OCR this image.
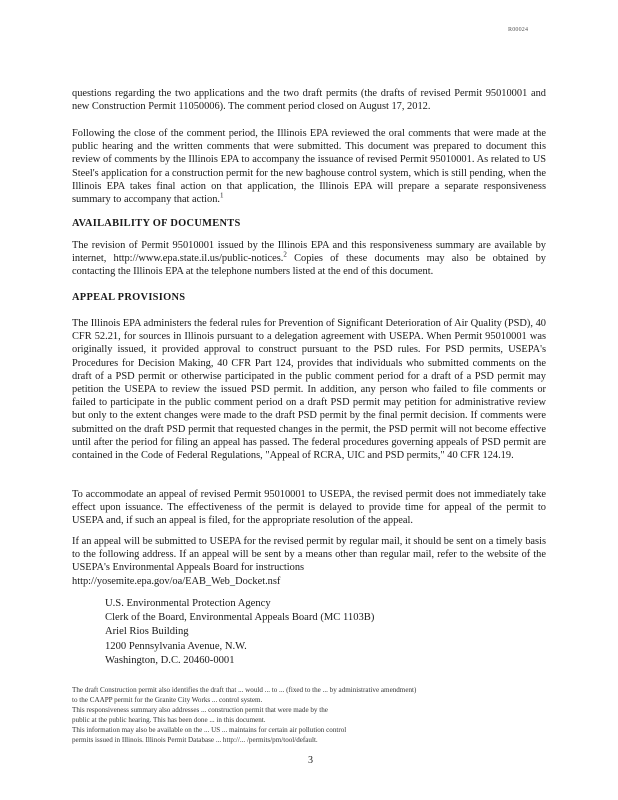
R00024

questions regarding the two applications and the two draft permits (the drafts of revised Permit 95010001 and new Construction Permit 11050006). The comment period closed on August 17, 2012.

Following the close of the comment period, the Illinois EPA reviewed the oral comments that were made at the public hearing and the written comments that were submitted. This document was prepared to document this review of comments by the Illinois EPA to accompany the issuance of revised Permit 95010001. As related to US Steel's application for a construction permit for the new baghouse control system, which is still pending, when the Illinois EPA takes final action on that application, the Illinois EPA will prepare a separate responsiveness summary to accompany that action.$^1$

AVAILABILITY OF DOCUMENTS

The revision of Permit 95010001 issued by the Illinois EPA and this responsiveness summary are available by internet, http://www.epa.state.il.us/public-notices.$^2$ Copies of these documents may also be obtained by contacting the Illinois EPA at the telephone numbers listed at the end of this document.

APPEAL PROVISIONS

The Illinois EPA administers the federal rules for Prevention of Significant Deterioration of Air Quality (PSD), 40 CFR 52.21, for sources in Illinois pursuant to a delegation agreement with USEPA. When Permit 95010001 was originally issued, it provided approval to construct pursuant to the PSD rules. For PSD permits, USEPA's Procedures for Decision Making, 40 CFR Part 124, provides that individuals who submitted comments on the draft of a PSD permit or otherwise participated in the public comment period for a draft of a PSD permit may petition the USEPA to review the issued PSD permit. In addition, any person who failed to file comments or failed to participate in the public comment period on a draft PSD permit may petition for administrative review but only to the extent changes were made to the draft PSD permit by the final permit decision. If comments were submitted on the draft PSD permit that requested changes in the permit, the PSD permit will not become effective until after the period for filing an appeal has passed. The federal procedures governing appeals of PSD permit are contained in the Code of Federal Regulations, "Appeal of RCRA, UIC and PSD permits," 40 CFR 124.19.

To accommodate an appeal of revised Permit 95010001 to USEPA, the revised permit does not immediately take effect upon issuance. The effectiveness of the permit is delayed to provide time for appeal of the permit to USEPA and, if such an appeal is filed, for the appropriate resolution of the appeal.

If an appeal will be submitted to USEPA for the revised permit by regular mail, it should be sent on a timely basis to the following address. If an appeal will be sent by a means other than regular mail, refer to the website of the USEPA's Environmental Appeals Board for instructions
http://yosemite.epa.gov/oa/EAB_Web_Docket.nsf

U.S. Environmental Protection Agency
Clerk of the Board, Environmental Appeals Board (MC 1103B)
Ariel Rios Building
1200 Pennsylvania Avenue, N.W.
Washington, D.C. 20460-0001
The draft Construction permit also identifies the draft that ... would ... to ... (fixed to the ... by administrative amendment)
to the CAAPP permit for the Granite City Works ... control system.
This responsiveness summary also addresses ... construction permit that were made by the
public at the public hearing. This has been done ... in this document.
This information may also be available on the ... US ... maintains for certain air pollution control
permits issued in Illinois. Illinois Permit Database ... http://... /permits/pm/tool/default.
3
